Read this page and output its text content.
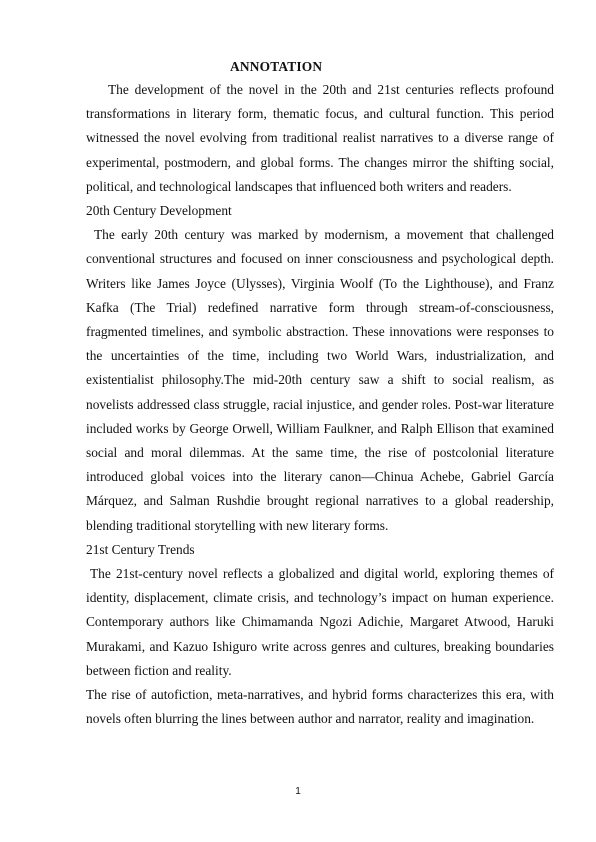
ANNOTATION

The development of the novel in the 20th and 21st centuries reflects profound transformations in literary form, thematic focus, and cultural function. This period witnessed the novel evolving from traditional realist narratives to a diverse range of experimental, postmodern, and global forms. The changes mirror the shifting social, political, and technological landscapes that influenced both writers and readers.

20th Century Development

The early 20th century was marked by modernism, a movement that challenged conventional structures and focused on inner consciousness and psychological depth. Writers like James Joyce (Ulysses), Virginia Woolf (To the Lighthouse), and Franz Kafka (The Trial) redefined narrative form through stream-of-consciousness, fragmented timelines, and symbolic abstraction. These innovations were responses to the uncertainties of the time, including two World Wars, industrialization, and existentialist philosophy.The mid-20th century saw a shift to social realism, as novelists addressed class struggle, racial injustice, and gender roles. Post-war literature included works by George Orwell, William Faulkner, and Ralph Ellison that examined social and moral dilemmas. At the same time, the rise of postcolonial literature introduced global voices into the literary canon—Chinua Achebe, Gabriel García Márquez, and Salman Rushdie brought regional narratives to a global readership, blending traditional storytelling with new literary forms.

21st Century Trends

The 21st-century novel reflects a globalized and digital world, exploring themes of identity, displacement, climate crisis, and technology’s impact on human experience. Contemporary authors like Chimamanda Ngozi Adichie, Margaret Atwood, Haruki Murakami, and Kazuo Ishiguro write across genres and cultures, breaking boundaries between fiction and reality.

The rise of autofiction, meta-narratives, and hybrid forms characterizes this era, with novels often blurring the lines between author and narrator, reality and imagination.

1
